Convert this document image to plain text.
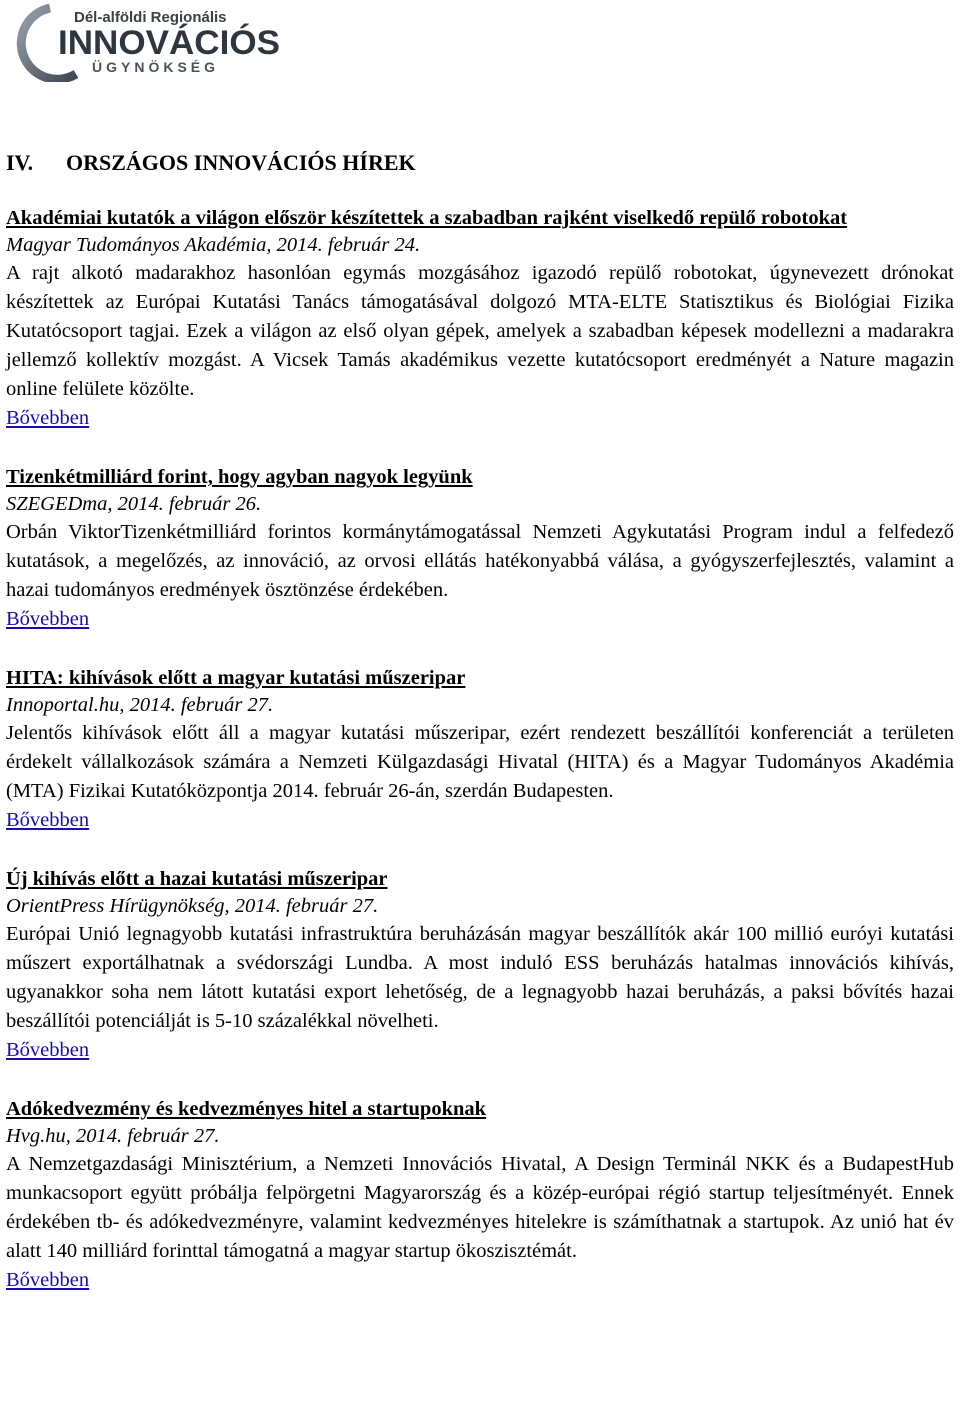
Dél-alföldi Regionális
INNOVÁCIÓS
ÜGYNÖKSÉG
IV.	ORSZÁGOS INNOVÁCIÓS HÍREK

Akadémiai kutatók a világon először készítettek a szabadban rajként viselkedő repülő robotokat

Magyar Tudományos Akadémia, 2014. február 24.

A rajt alkotó madarakhoz hasonlóan egymás mozgásához igazodó repülő robotokat, úgynevezett drónokat készítettek az Európai Kutatási Tanács támogatásával dolgozó MTA-ELTE Statisztikus és Biológiai Fizika Kutatócsoport tagjai. Ezek a világon az első olyan gépek, amelyek a szabadban képesek modellezni a madarakra jellemző kollektív mozgást. A Vicsek Tamás akadémikus vezette kutatócsoport eredményét a Nature magazin online felülete közölte.

Bővebben

Tizenkétmilliárd forint, hogy agyban nagyok legyünk

SZEGEDma, 2014. február 26.

Orbán ViktorTizenkétmilliárd forintos kormánytámogatással Nemzeti Agykutatási Program indul a felfedező kutatások, a megelőzés, az innováció, az orvosi ellátás hatékonyabbá válása, a gyógyszerfejlesztés, valamint a hazai tudományos eredmények ösztönzése érdekében.

Bővebben

HITA: kihívások előtt a magyar kutatási műszeripar

Innoportal.hu, 2014. február 27.

Jelentős kihívások előtt áll a magyar kutatási műszeripar, ezért rendezett beszállítói konferenciát a területen érdekelt vállalkozások számára a Nemzeti Külgazdasági Hivatal (HITA) és a Magyar Tudományos Akadémia (MTA) Fizikai Kutatóközpontja 2014. február 26-án, szerdán Budapesten.

Bővebben

Új kihívás előtt a hazai kutatási műszeripar

OrientPress Hírügynökség, 2014. február 27.

Európai Unió legnagyobb kutatási infrastruktúra beruházásán magyar beszállítók akár 100 millió euróyi kutatási műszert exportálhatnak a svédországi Lundba. A most induló ESS beruházás hatalmas innovációs kihívás, ugyanakkor soha nem látott kutatási export lehetőség, de a legnagyobb hazai beruházás, a paksi bővítés hazai beszállítói potenciálját is 5-10 százalékkal növelheti.

Bővebben

Adókedvezmény és kedvezményes hitel a startupoknak

Hvg.hu, 2014. február 27.

A Nemzetgazdasági Minisztérium, a Nemzeti Innovációs Hivatal, A Design Terminál NKK és a BudapestHub munkacsoport együtt próbálja felpörgetni Magyarország és a közép-európai régió startup teljesítményét. Ennek érdekében tb- és adókedvezményre, valamint kedvezményes hitelekre is számíthatnak a startupok. Az unió hat év alatt 140 milliárd forinttal támogatná a magyar startup ökoszisztémát.

Bővebben
